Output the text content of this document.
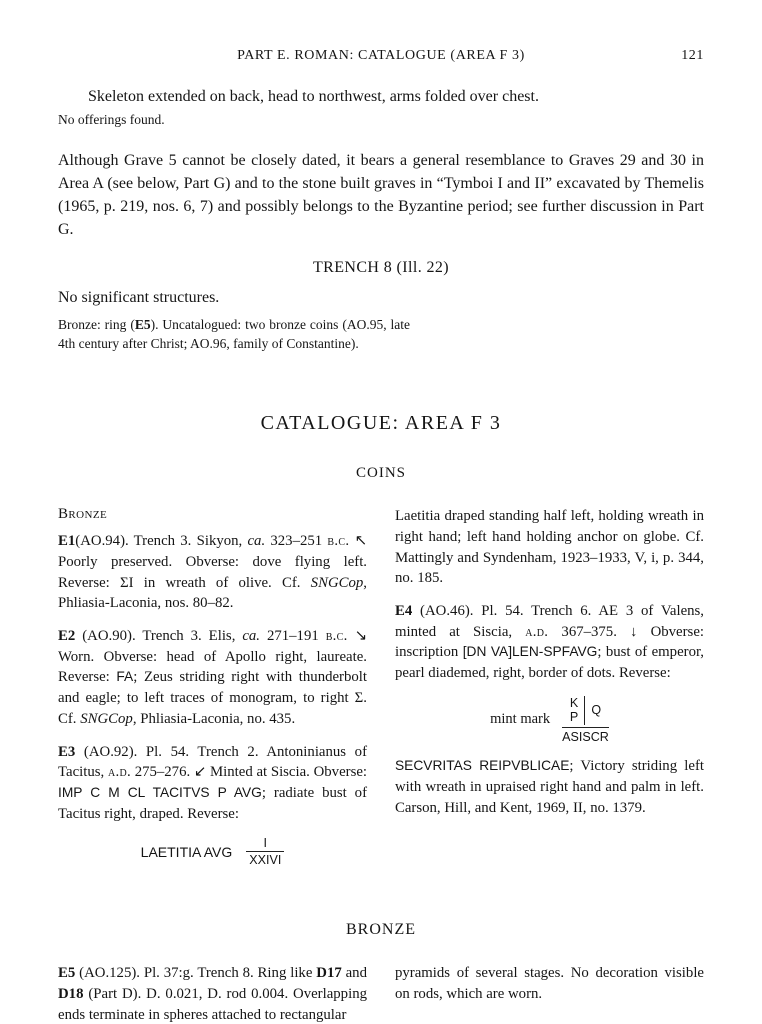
PART E. ROMAN: CATALOGUE (AREA F 3)	121

Skeleton extended on back, head to northwest, arms folded over chest.

No offerings found.

Although Grave 5 cannot be closely dated, it bears a general resemblance to Graves 29 and 30 in Area A (see below, Part G) and to the stone built graves in “Tymboi I and II” excavated by Themelis (1965, p. 219, nos. 6, 7) and possibly belongs to the Byzantine period; see further discussion in Part G.

TRENCH 8 (Ill. 22)

No significant structures.

Bronze: ring (E5). Uncatalogued: two bronze coins (AO.95, late 4th century after Christ; AO.96, family of Constantine).

CATALOGUE: AREA F 3
COINS
Bronze

E1(AO.94). Trench 3. Sikyon, ca. 323–251 b.c. ↖ Poorly preserved. Obverse: dove flying left. Reverse: ΣΙ in wreath of olive. Cf. SNGCop, Phliasia-Laconia, nos. 80–82.

E2 (AO.90). Trench 3. Elis, ca. 271–191 b.c. ↘ Worn. Obverse: head of Apollo right, laureate. Reverse: FA; Zeus striding right with thunderbolt and eagle; to left traces of monogram, to right Σ. Cf. SNGCop, Phliasia-Laconia, no. 435.

E3 (AO.92). Pl. 54. Trench 2. Antoninianus of Tacitus, a.d. 275–276. ↙ Minted at Siscia. Obverse: IMP C M CL TACITVS P AVG; radiate bust of Tacitus right, draped. Reverse:

LAETITIA AVG $\frac{I}{\text{XXIVI}}$

Laetitia draped standing half left, holding wreath in right hand; left hand holding anchor on globe. Cf. Mattingly and Syndenham, 1923–1933, V, i, p. 344, no. 185.

E4 (AO.46). Pl. 54. Trench 6. AE 3 of Valens, minted at Siscia, a.d. 367–375. ↓ Obverse: inscription [DN VA]LEN-SPFAVG; bust of emperor, pearl diademed, right, border of dots. Reverse:

mint mark K
P
Q
ASISCR

SECVRITAS REIPVBLICAE; Victory striding left with wreath in upraised right hand and palm in left. Carson, Hill, and Kent, 1969, II, no. 1379.

BRONZE

E5 (AO.125). Pl. 37:g. Trench 8. Ring like D17 and D18 (Part D). D. 0.021, D. rod 0.004. Overlapping ends terminate in spheres attached to rectangular

pyramids of several stages. No decoration visible on rods, which are worn.
